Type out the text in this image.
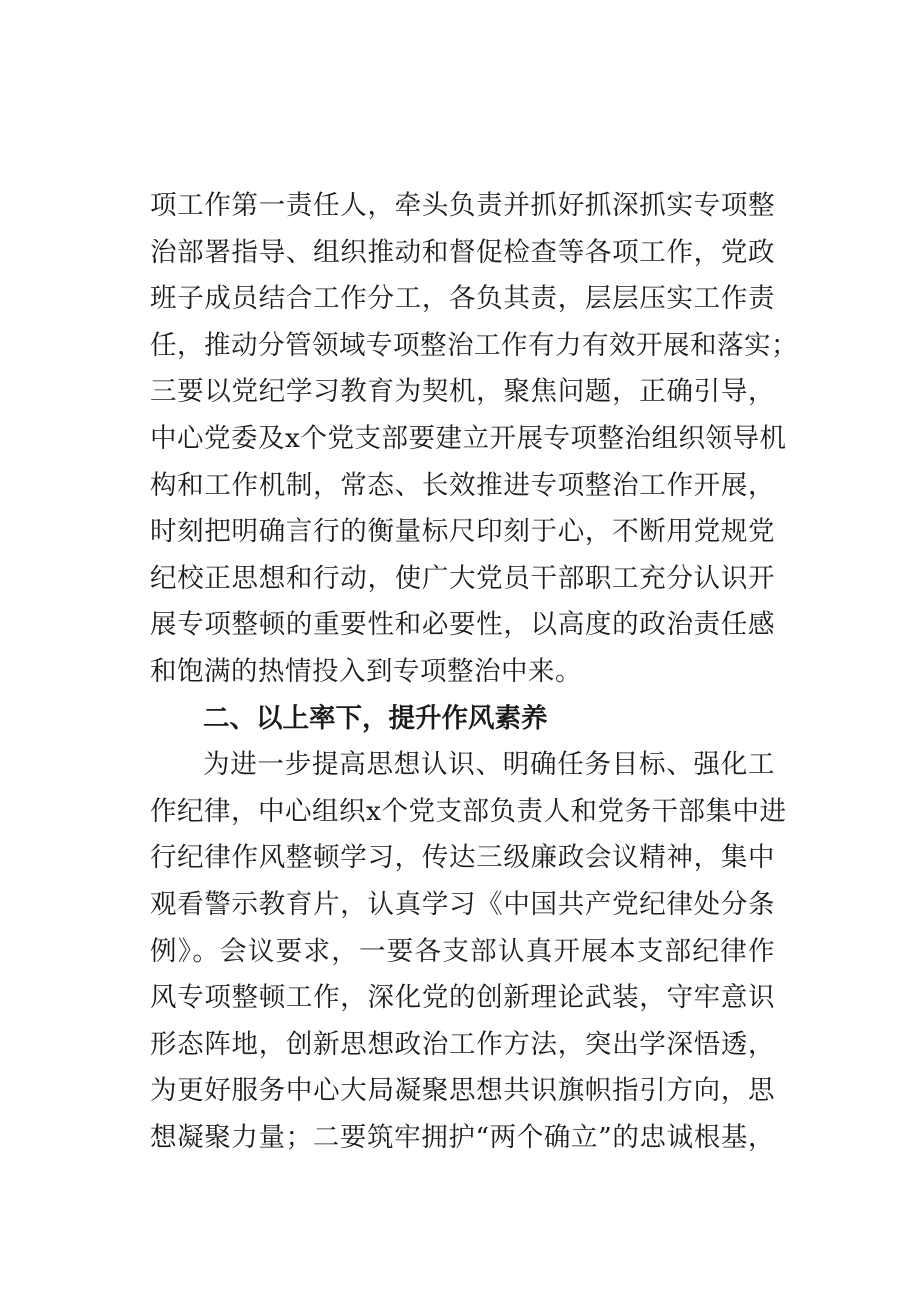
项工作第一责任人，牵头负责并抓好抓深抓实专项整
治部署指导、组织推动和督促检查等各项工作，党政
班子成员结合工作分工，各负其责，层层压实工作责
任，推动分管领域专项整治工作有力有效开展和落实；
三要以党纪学习教育为契机，聚焦问题，正确引导，
中心党委及x个党支部要建立开展专项整治组织领导机
构和工作机制，常态、长效推进专项整治工作开展，
时刻把明确言行的衡量标尺印刻于心，不断用党规党
纪校正思想和行动，使广大党员干部职工充分认识开
展专项整顿的重要性和必要性，以高度的政治责任感
和饱满的热情投入到专项整治中来。
二、以上率下，提升作风素养
为进一步提高思想认识、明确任务目标、强化工
作纪律，中心组织x个党支部负责人和党务干部集中进
行纪律作风整顿学习，传达三级廉政会议精神，集中
观看警示教育片，认真学习《中国共产党纪律处分条
例》。会议要求，一要各支部认真开展本支部纪律作
风专项整顿工作，深化党的创新理论武装，守牢意识
形态阵地，创新思想政治工作方法，突出学深悟透，
为更好服务中心大局凝聚思想共识旗帜指引方向，思
想凝聚力量；二要筑牢拥护“两个确立”的忠诚根基，
